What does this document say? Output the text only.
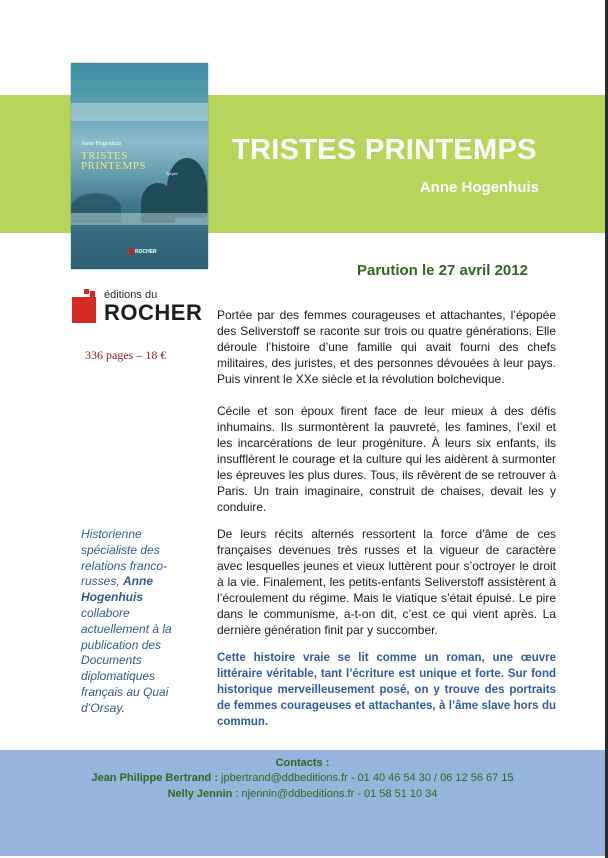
TRISTES PRINTEMPS
Anne Hogenhuis
Anne Hogenhuis
TRISTES
PRINTEMPS
Épopée
ROCHER
éditions du
ROCHER
Parution le 27 avril 2012
336 pages – 18 €
Portée par des femmes courageuses et attachantes, l’épopée des Seliverstoff se raconte sur trois ou quatre générations. Elle déroule l’histoire d’une famille qui avait fourni des chefs militaires, des juristes, et des personnes dévouées à leur pays. Puis vinrent le XXe siècle et la révolution bolchevique.
Cécile et son époux firent face de leur mieux à des défis inhumains. Ils surmontèrent la pauvreté, les famines, l’exil et les incarcérations de leur progéniture. À leurs six enfants, ils insufflèrent le courage et la culture qui les aidèrent à surmonter les épreuves les plus dures. Tous, ils rêvèrent de se retrouver à Paris. Un train imaginaire, construit de chaises, devait les y conduire.
De leurs récits alternés ressortent la force d'âme de ces françaises devenues très russes et la vigueur de caractère avec lesquelles jeunes et vieux luttèrent pour s’octroyer le droit à la vie. Finalement, les petits-enfants Seliverstoff assistèrent à l’écroulement du régime. Mais le viatique s’était épuisé. Le pire dans le communisme, a-t-on dit, c’est ce qui vient après. La dernière génération finit par y succomber.
Cette histoire vraie se lit comme un roman, une œuvre littéraire véritable, tant l’écriture est unique et forte. Sur fond historique merveilleusement posé, on y trouve des portraits de femmes courageuses et attachantes, à l’âme slave hors du commun.
Historienne spécialiste des relations franco-russes, Anne Hogenhuis collabore actuellement à la publication des Documents diplomatiques français au Quai d’Orsay.
Contacts :
Jean Philippe Bertrand : jpbertrand@ddbeditions.fr - 01 40 46 54 30 / 06 12 56 67 15
Nelly Jennin : njennin@ddbeditions.fr - 01 58 51 10 34
